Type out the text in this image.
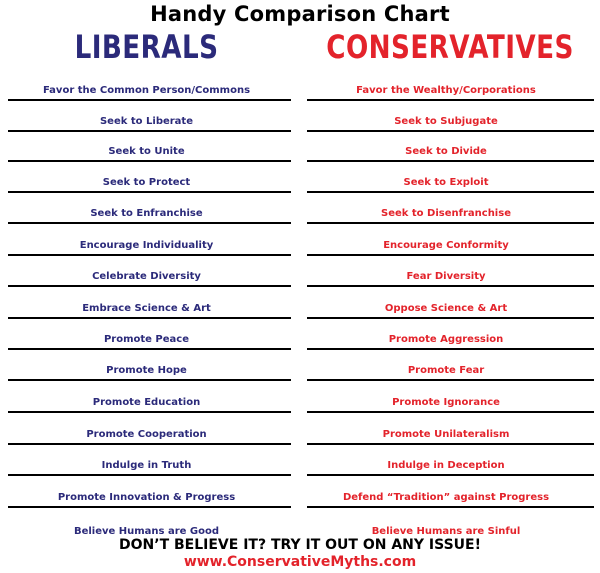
Handy Comparison Chart
LIBERALS	CONSERVATIVES
Favor the Common Person/Commons	Favor the Wealthy/Corporations
Seek to Liberate	Seek to Subjugate
Seek to Unite	Seek to Divide
Seek to Protect	Seek to Exploit
Seek to Enfranchise	Seek to Disenfranchise
Encourage Individuality	Encourage Conformity
Celebrate Diversity	Fear Diversity
Embrace Science & Art	Oppose Science & Art
Promote Peace	Promote Aggression
Promote Hope	Promote Fear
Promote Education	Promote Ignorance
Promote Cooperation	Promote Unilateralism
Indulge in Truth	Indulge in Deception
Promote Innovation & Progress	Defend “Tradition” against Progress
Believe Humans are Good	Believe Humans are Sinful
DON’T BELIEVE IT? TRY IT OUT ON ANY ISSUE!
www.ConservativeMyths.com
